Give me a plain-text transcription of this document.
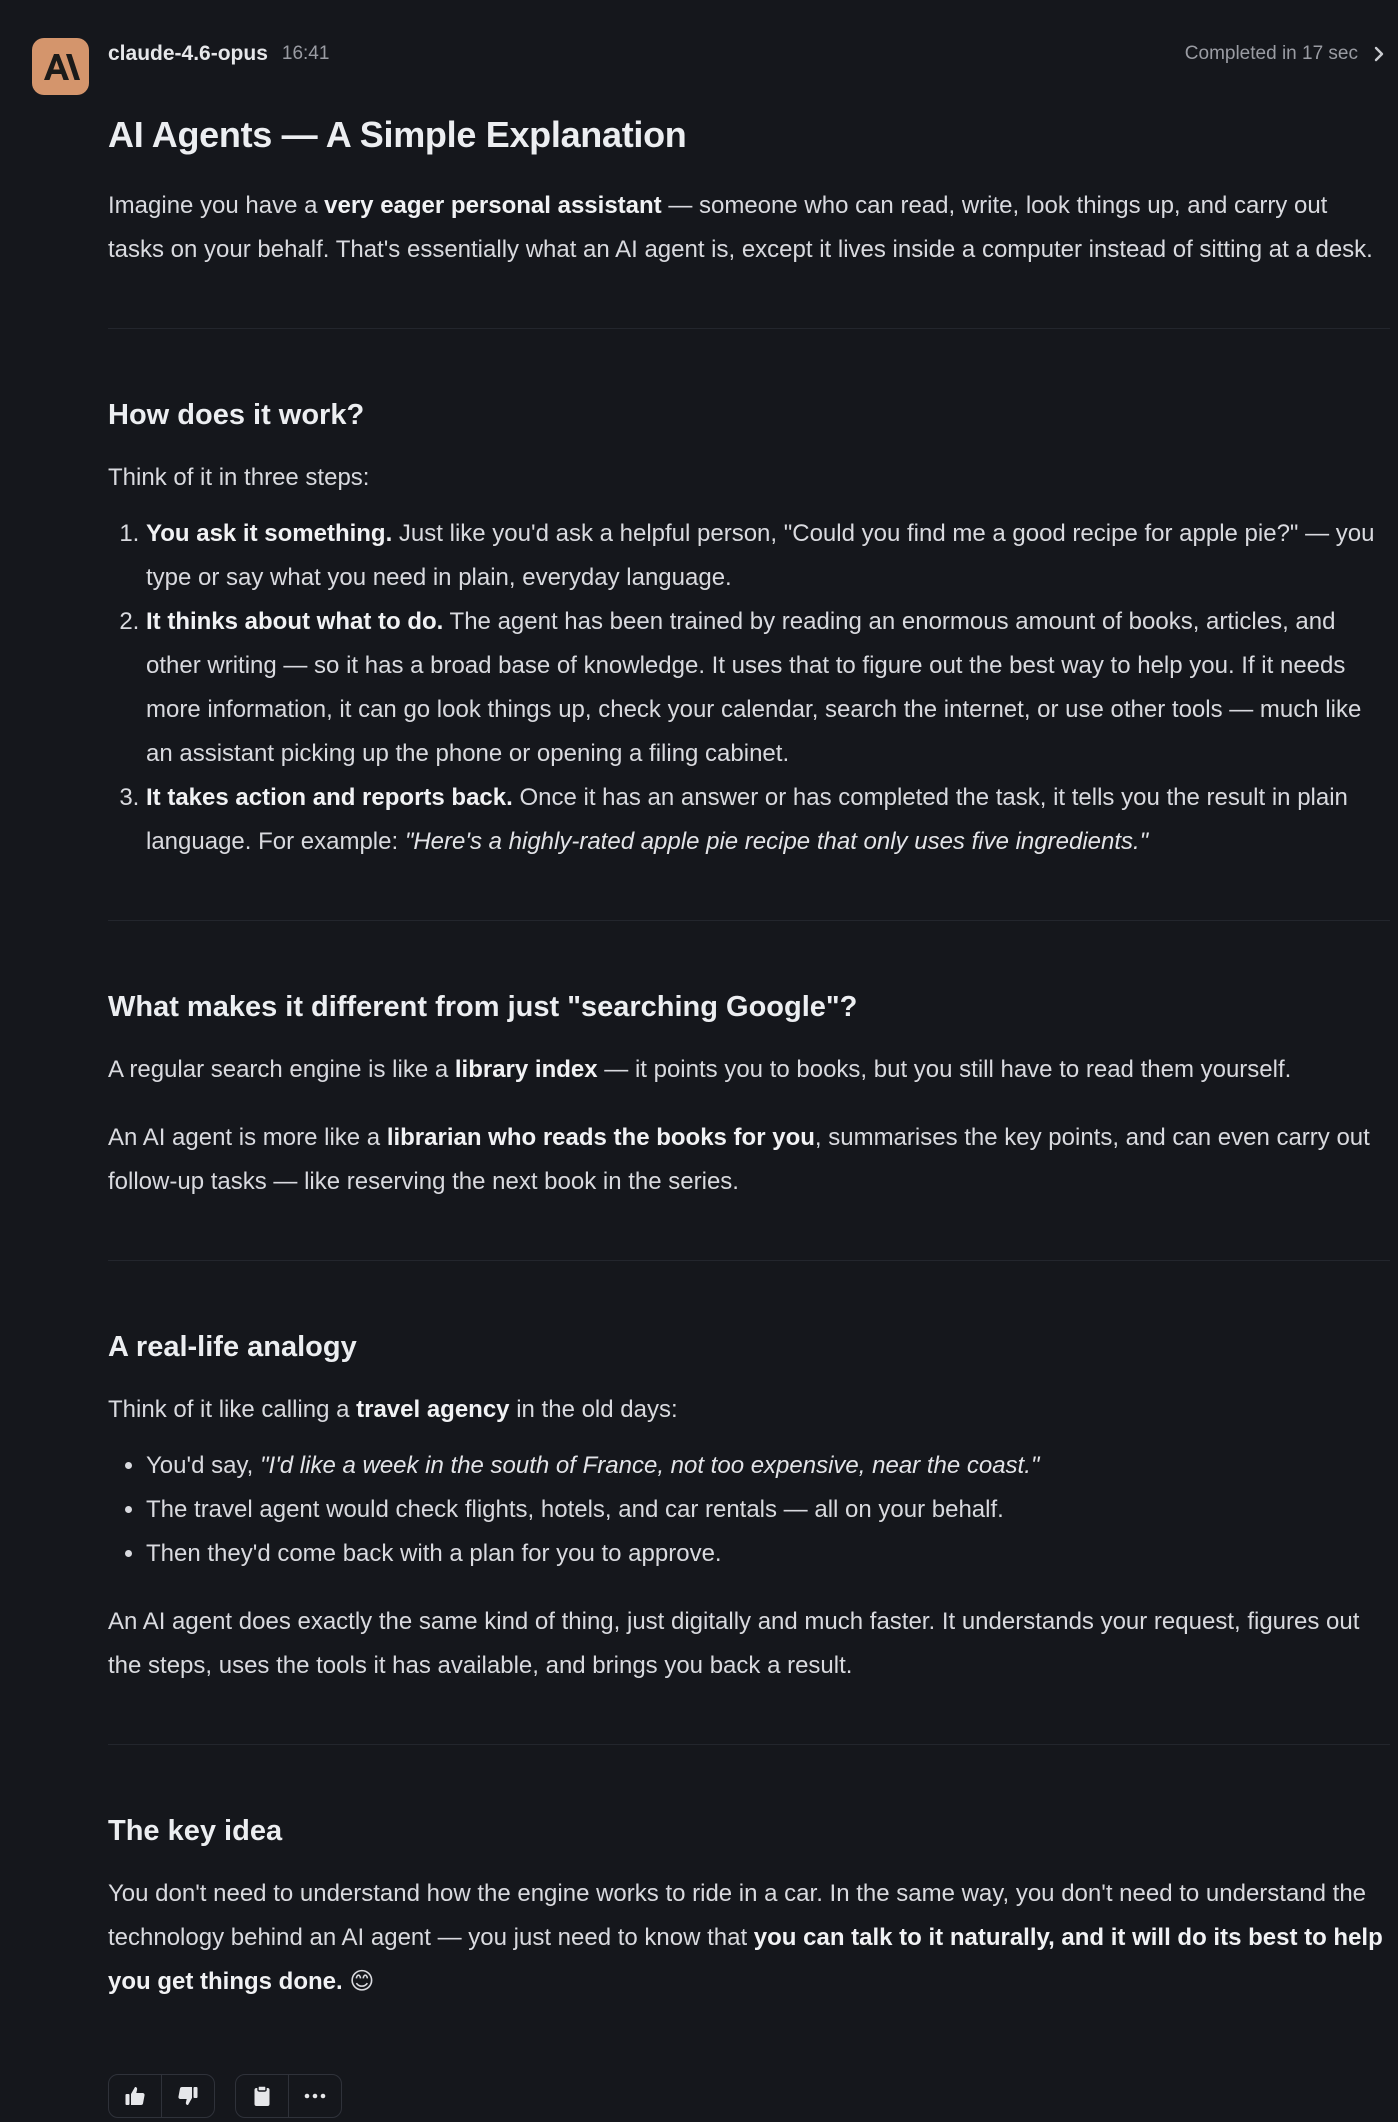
claude-4.6-opus 16:41	Completed in 17 sec
AI Agents — A Simple Explanation

Imagine you have a very eager personal assistant — someone who can read, write, look things up, and carry out tasks on your behalf. That's essentially what an AI agent is, except it lives inside a computer instead of sitting at a desk.

How does it work?

Think of it in three steps:

1. You ask it something. Just like you'd ask a helpful person, "Could you find me a good recipe for apple pie?" — you type or say what you need in plain, everyday language.
2. It thinks about what to do. The agent has been trained by reading an enormous amount of books, articles, and other writing — so it has a broad base of knowledge. It uses that to figure out the best way to help you. If it needs more information, it can go look things up, check your calendar, search the internet, or use other tools — much like an assistant picking up the phone or opening a filing cabinet.
3. It takes action and reports back. Once it has an answer or has completed the task, it tells you the result in plain language. For example: "Here's a highly-rated apple pie recipe that only uses five ingredients."
What makes it different from just "searching Google"?

A regular search engine is like a library index — it points you to books, but you still have to read them yourself.

An AI agent is more like a librarian who reads the books for you, summarises the key points, and can even carry out follow-up tasks — like reserving the next book in the series.

A real-life analogy

Think of it like calling a travel agency in the old days:

• You'd say, "I'd like a week in the south of France, not too expensive, near the coast."
• The travel agent would check flights, hotels, and car rentals — all on your behalf.
• Then they'd come back with a plan for you to approve.

An AI agent does exactly the same kind of thing, just digitally and much faster. It understands your request, figures out the steps, uses the tools it has available, and brings you back a result.

The key idea

You don't need to understand how the engine works to ride in a car. In the same way, you don't need to understand the technology behind an AI agent — you just need to know that you can talk to it naturally, and it will do its best to help you get things done. 😊
